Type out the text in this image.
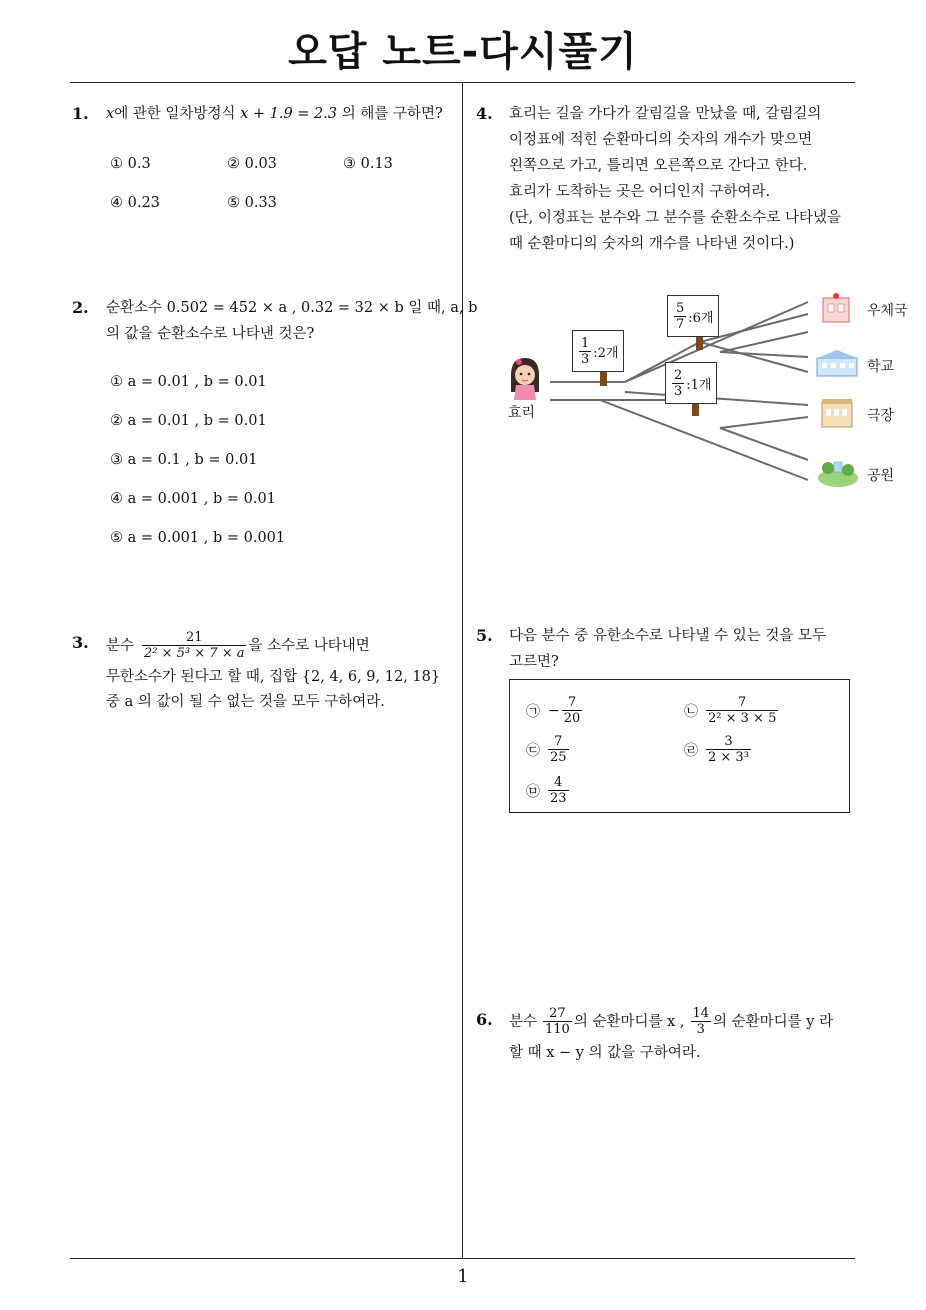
오답 노트-다시풀기
1
1. x에 관한 일차방정식 x + 1.9 = 2.3 의 해를 구하면?
① 0.3	② 0.03	③ 0.13
④ 0.23	⑤ 0.33
2. 순환소수 0.502 = 452 × a , 0.32 = 32 × b 일 때, a, b
의 값을 순환소수로 나타낸 것은?
① a = 0.01 , b = 0.01
② a = 0.01 , b = 0.01
③ a = 0.1 , b = 0.01
④ a = 0.001 , b = 0.01
⑤ a = 0.001 , b = 0.001
3. 분수 $\frac{21}{\text{2² × 5³ × 7 × a}}$ 을 소수로 나타내면
무한소수가 된다고 할 때, 집합 {2, 4, 6, 9, 12, 18}
중 a 의 값이 될 수 없는 것을 모두 구하여라.
4. 효리는 길을 가다가 갈림길을 만났을 때, 갈림길의
이정표에 적힌 순환마디의 숫자의 개수가 맞으면
왼쪽으로 가고, 틀리면 오른쪽으로 간다고 한다.
효리가 도착하는 곳은 어디인지 구하여라.
(단, 이정표는 분수와 그 분수를 순환소수로 나타냈을
때 순환마디의 숫자의 개수를 나타낸 것이다.)
효리
$\frac{5}{7}$ :6개
$\frac{1}{3}$ :2개
$\frac{2}{3}$ :1개
우체국
학교
극장
공원
5. 다음 분수 중 유한소수로 나타낼 수 있는 것을 모두
고르면?
㉠ − $\frac{7}{20}$	㉡ $\frac{7}{\text{2² × 3 × 5}}$
㉢ $\frac{7}{25}$	㉣ $\frac{3}{\text{2 × 3³}}$
㉤ $\frac{4}{23}$
6. 분수 $\frac{27}{110}$ 의 순환마디를 x , $\frac{14}{3}$ 의 순환마디를 y 라
할 때 x − y 의 값을 구하여라.
